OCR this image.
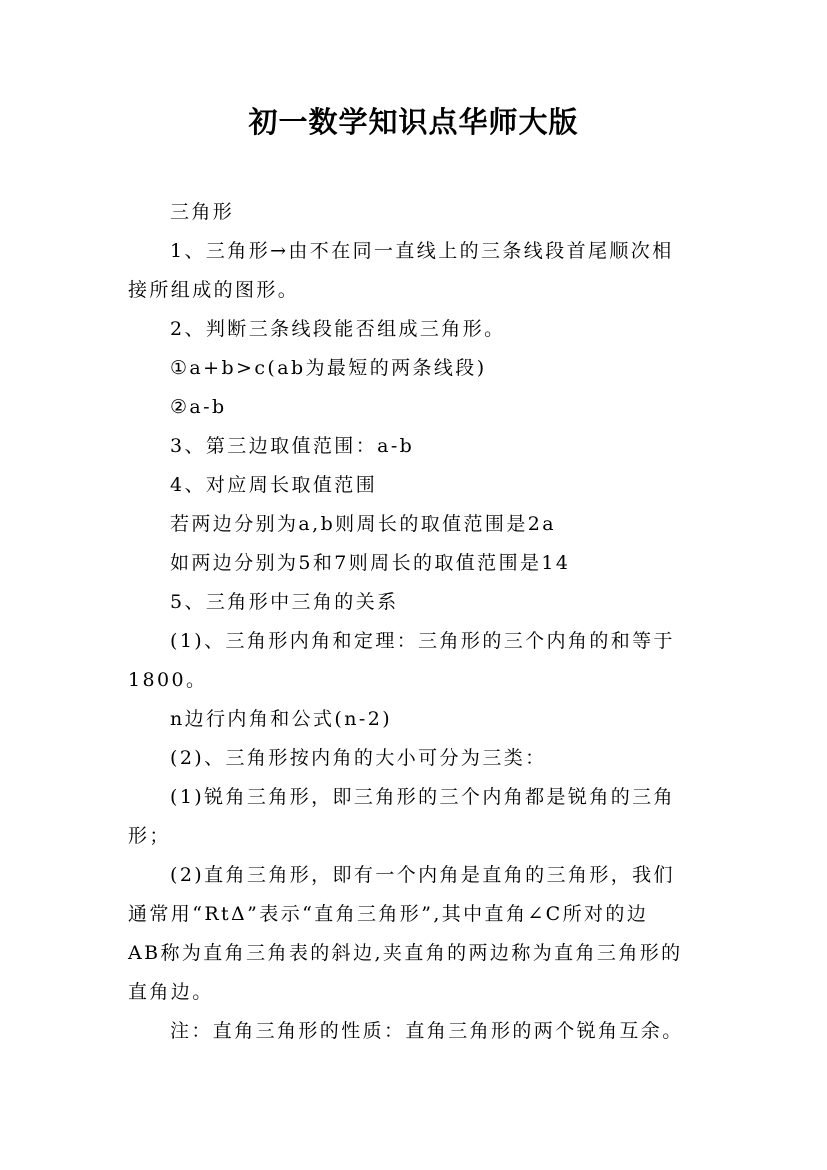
初一数学知识点华师大版

三角形

1、三角形→由不在同一直线上的三条线段首尾顺次相

接所组成的图形。

2、判断三条线段能否组成三角形。

①a+b>c(ab为最短的两条线段)

②a-b

3、第三边取值范围：a-b

4、对应周长取值范围

若两边分别为a,b则周长的取值范围是2a

如两边分别为5和7则周长的取值范围是14

5、三角形中三角的关系

(1)、三角形内角和定理：三角形的三个内角的和等于

1800。

n边行内角和公式(n-2)

(2)、三角形按内角的大小可分为三类：

(1)锐角三角形，即三角形的三个内角都是锐角的三角

形；

(2)直角三角形，即有一个内角是直角的三角形，我们

通常用“RtΔ”表示“直角三角形”,其中直角∠C所对的边

AB称为直角三角表的斜边,夹直角的两边称为直角三角形的

直角边。

注：直角三角形的性质：直角三角形的两个锐角互余。
